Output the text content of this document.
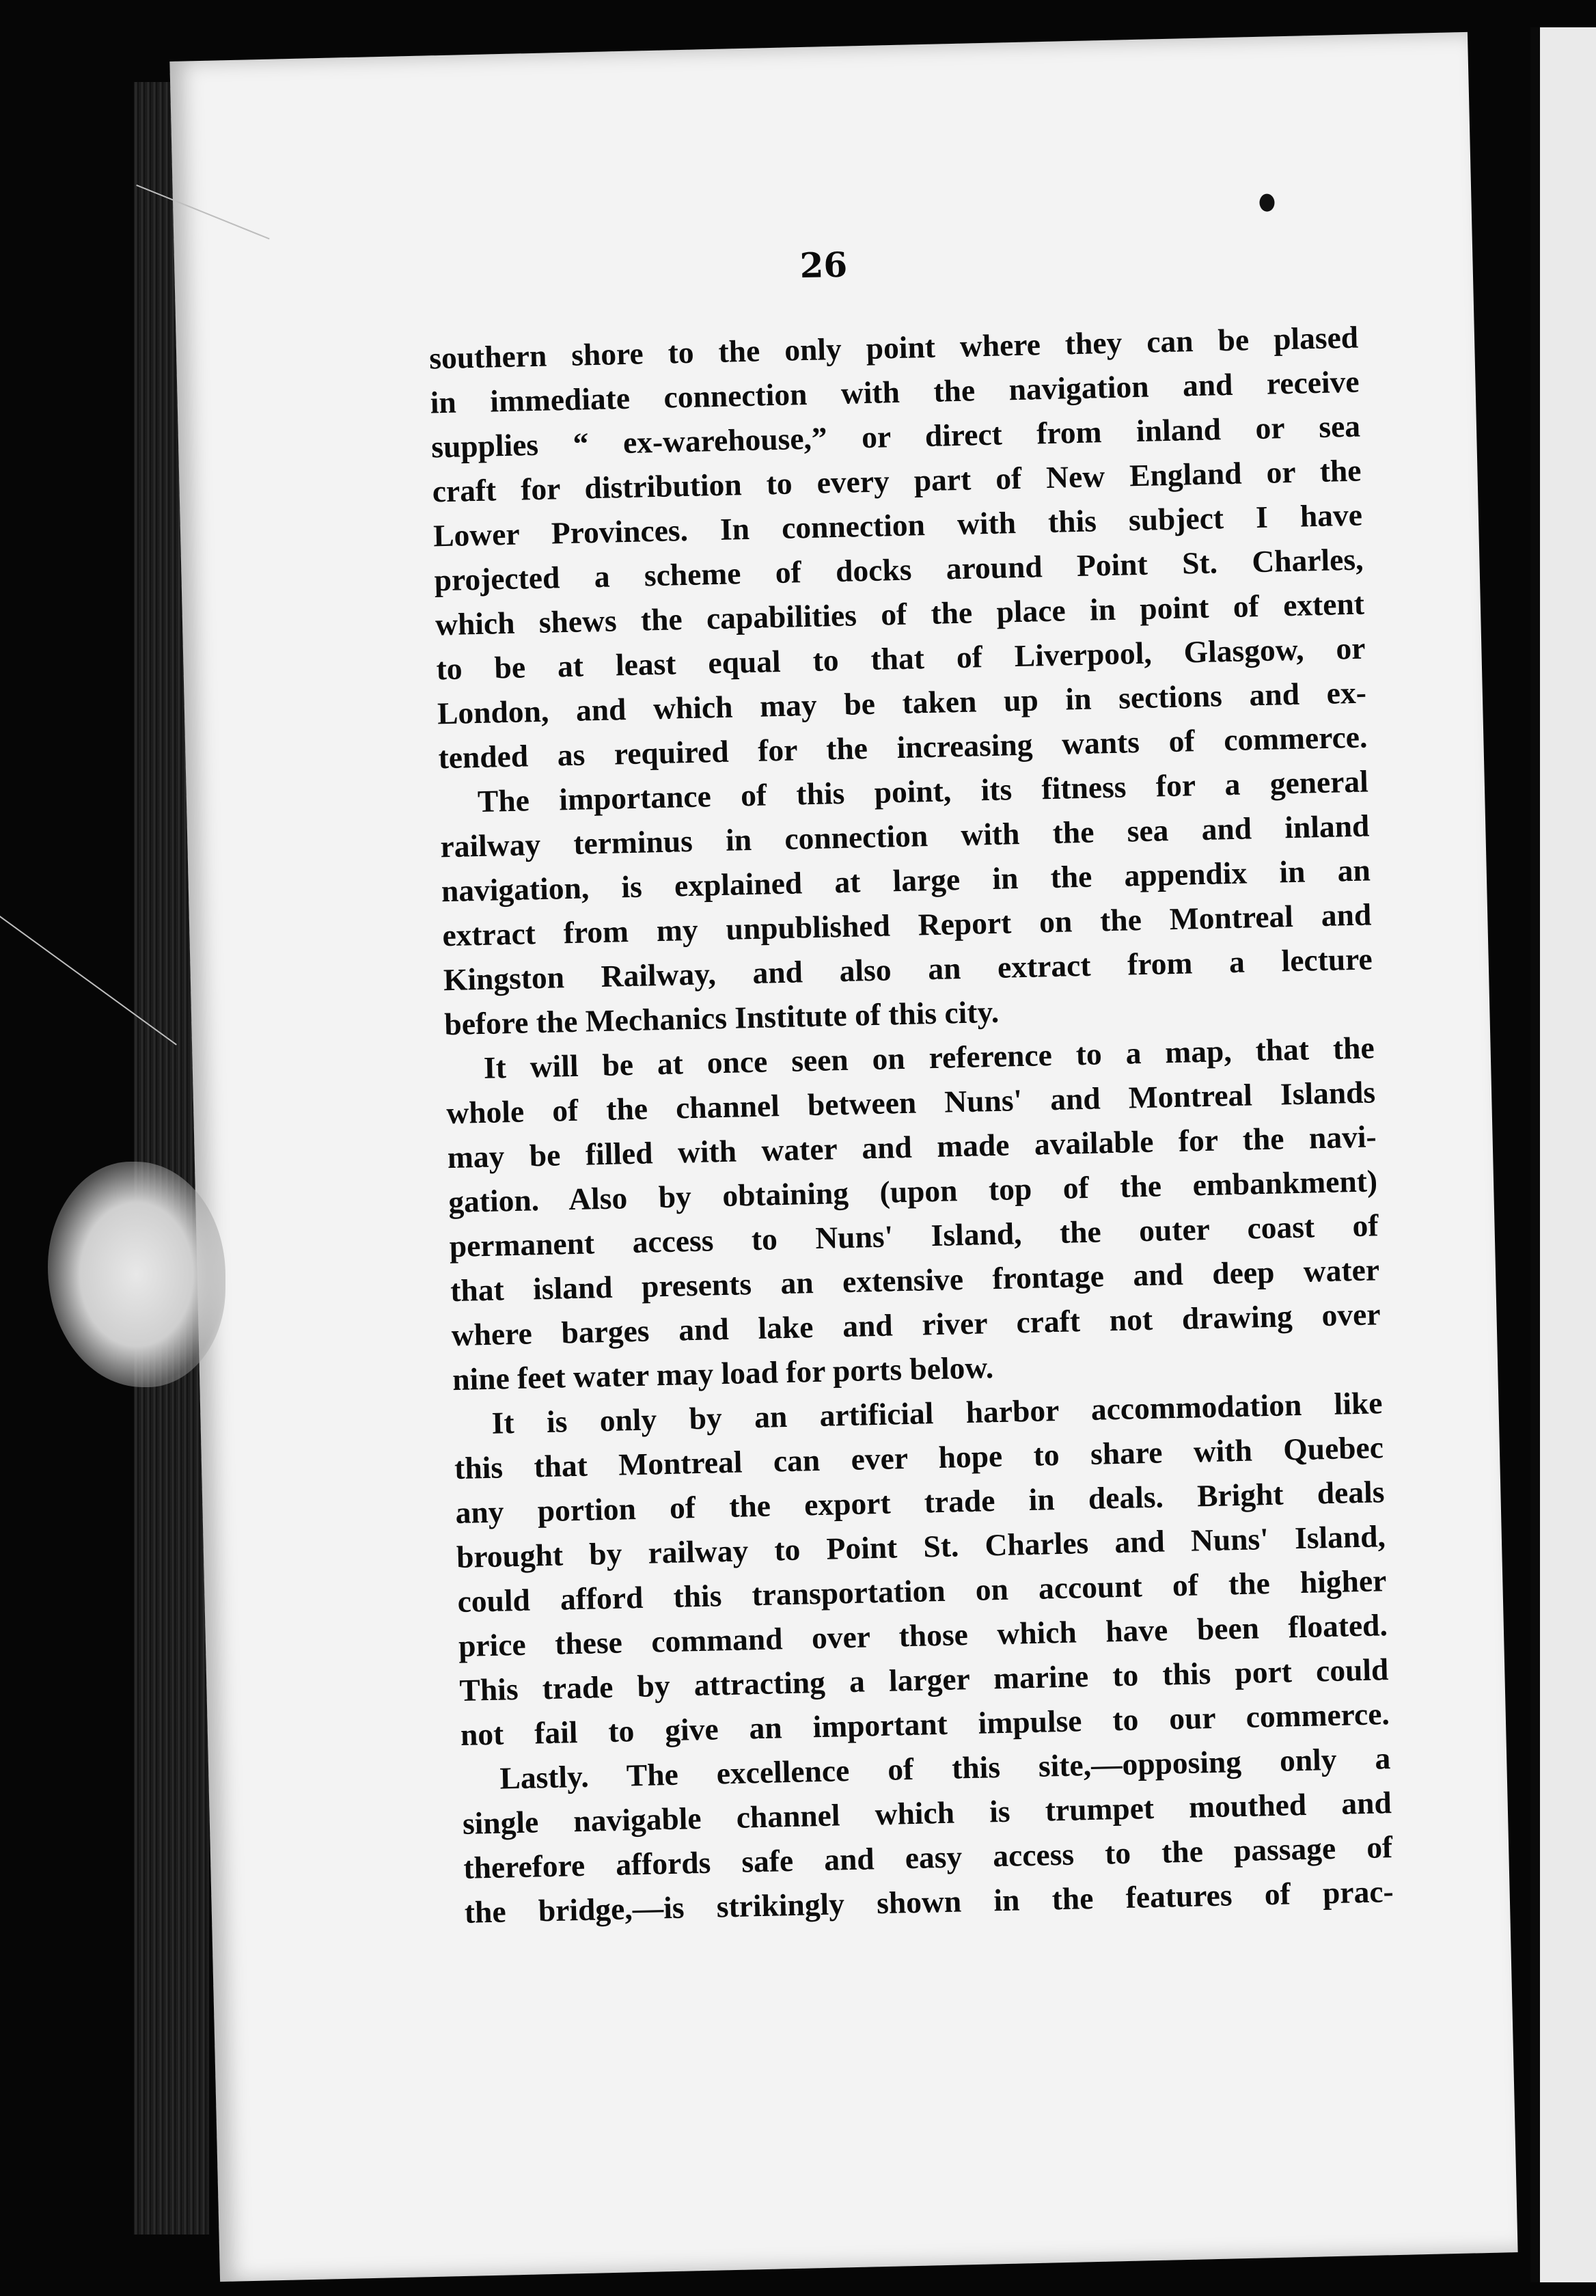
26
southern shore to the only point where they can be plased
in immediate connection with the navigation and receive
supplies “ ex-warehouse,” or direct from inland or sea
craft for distribution to every part of New England or the
Lower Provinces. In connection with this subject I have
projected a scheme of docks around Point St. Charles,
which shews the capabilities of the place in point of extent
to be at least equal to that of Liverpool, Glasgow, or
London, and which may be taken up in sections and ex-
tended as required for the increasing wants of commerce.
The importance of this point, its fitness for a general
railway terminus in connection with the sea and inland
navigation, is explained at large in the appendix in an
extract from my unpublished Report on the Montreal and
Kingston Railway, and also an extract from a lecture
before the Mechanics Institute of this city.
It will be at once seen on reference to a map, that the
whole of the channel between Nuns' and Montreal Islands
may be filled with water and made available for the navi-
gation. Also by obtaining (upon top of the embankment)
permanent access to Nuns' Island, the outer coast of
that island presents an extensive frontage and deep water
where barges and lake and river craft not drawing over
nine feet water may load for ports below.
It is only by an artificial harbor accommodation like
this that Montreal can ever hope to share with Quebec
any portion of the export trade in deals. Bright deals
brought by railway to Point St. Charles and Nuns' Island,
could afford this transportation on account of the higher
price these command over those which have been floated.
This trade by attracting a larger marine to this port could
not fail to give an important impulse to our commerce.
Lastly. The excellence of this site,—opposing only a
single navigable channel which is trumpet mouthed and
therefore affords safe and easy access to the passage of
the bridge,—is strikingly shown in the features of prac-
